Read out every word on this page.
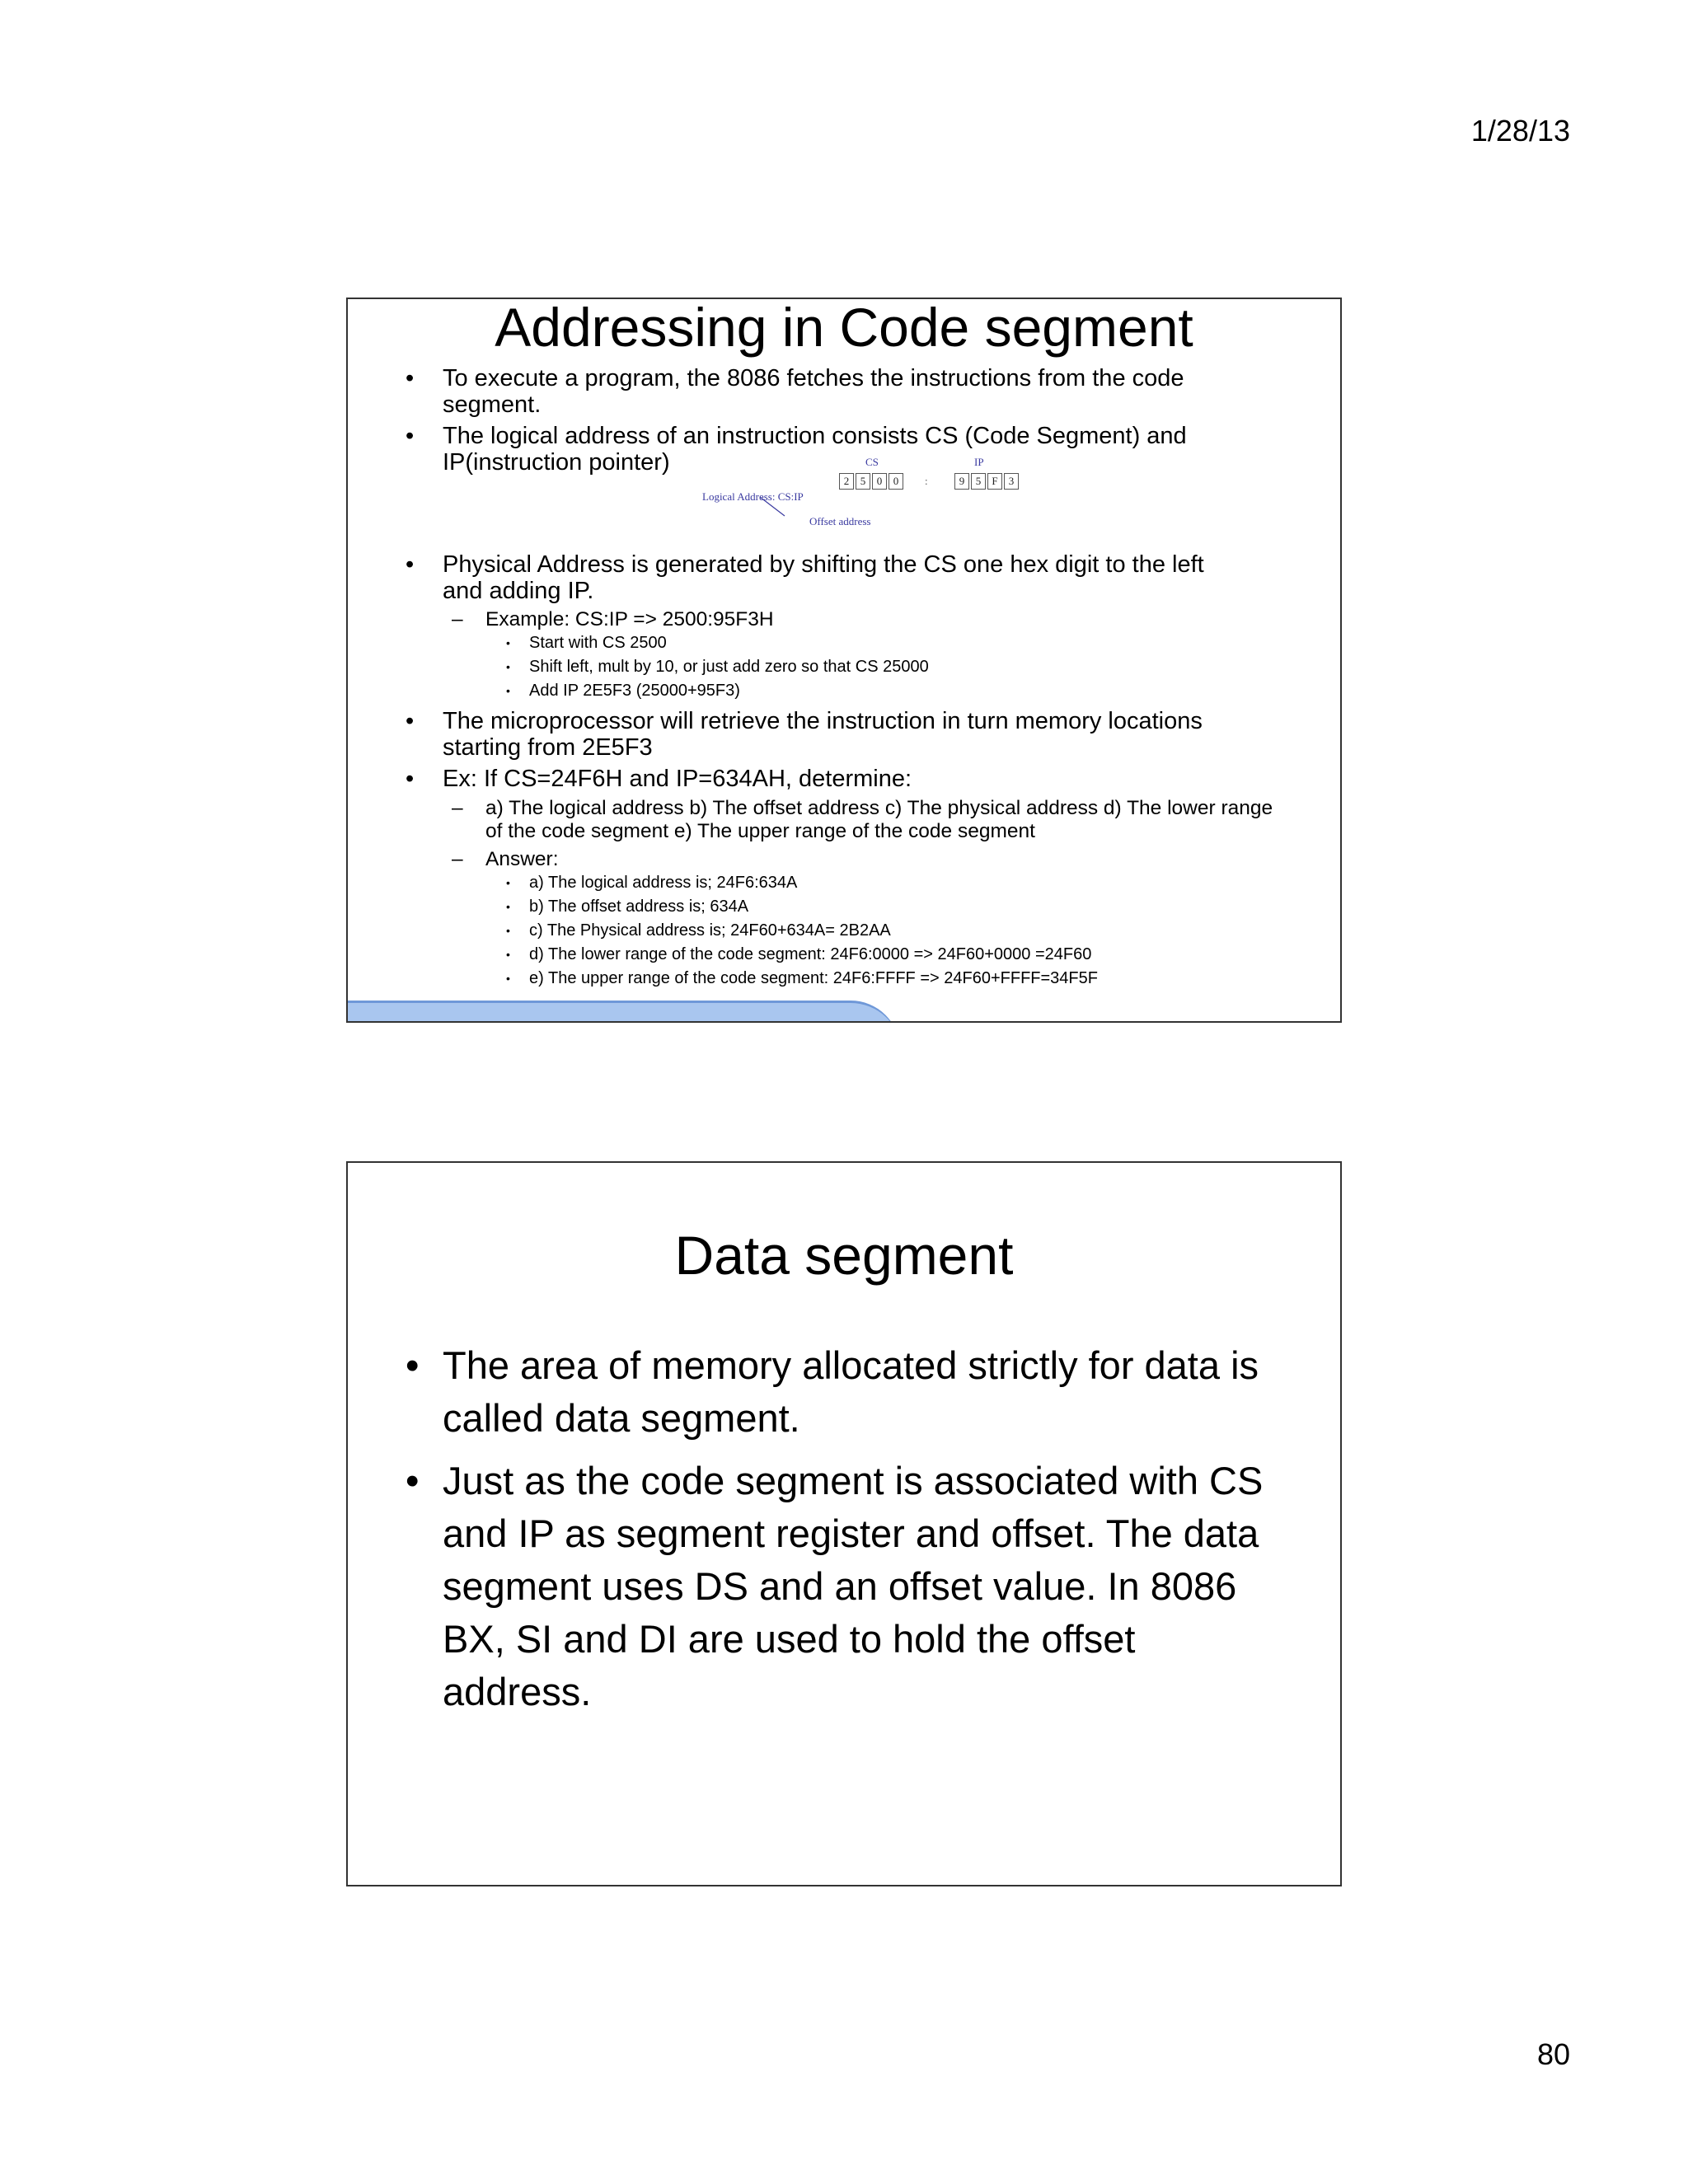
1/28/13
Addressing in Code segment
• To execute a program, the 8086 fetches the instructions from the code segment.
• The logical address of an instruction consists CS (Code Segment) and IP(instruction pointer)	CS	IP
2	5	0	0	:	9	5	F	3
Logical Address: CS:IP
Offset address
• Physical Address is generated by shifting the CS one hex digit to the left and adding IP.
– Example: CS:IP => 2500:95F3H
• Start with CS 2500
• Shift left, mult by 10, or just add zero so that CS 25000
• Add IP 2E5F3 (25000+95F3)
• The microprocessor will retrieve the instruction in turn memory locations starting from 2E5F3
• Ex: If CS=24F6H and IP=634AH, determine:
– a) The logical address b) The offset address c) The physical address d) The lower range of the code segment e) The upper range of the code segment
– Answer:
• a) The logical address is; 24F6:634A
• b) The offset address is; 634A
• c) The Physical address is; 24F60+634A= 2B2AA
• d) The lower range of the code segment: 24F6:0000 => 24F60+0000 =24F60
• e) The upper range of the code segment: 24F6:FFFF => 24F60+FFFF=34F5F
Data segment
• The area of memory allocated strictly for data is called data segment.
• Just as the code segment is associated with CS and IP as segment register and offset. The data segment uses DS and an offset value. In 8086 BX, SI and DI are used to hold the offset address.
80
